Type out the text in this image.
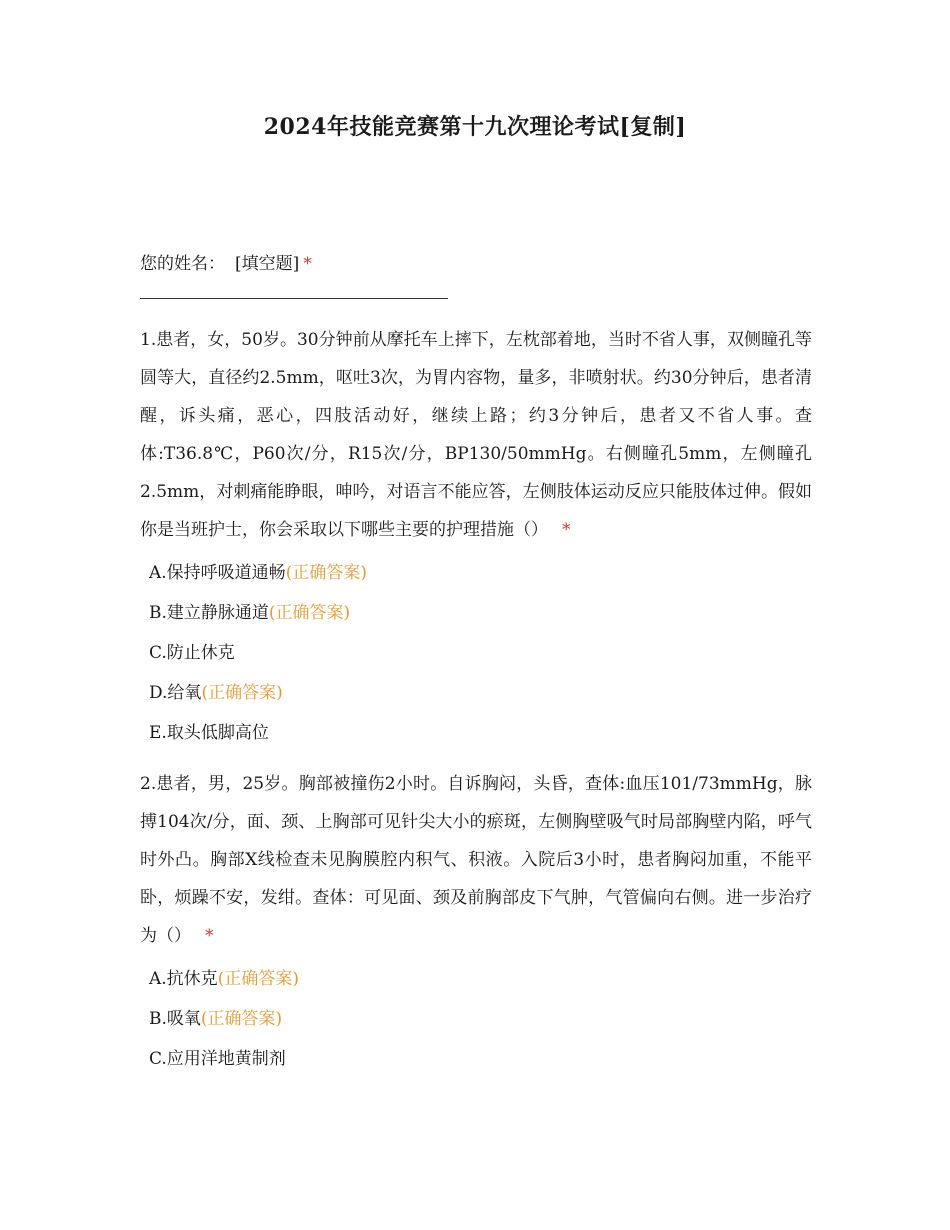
2024年技能竞赛第十九次理论考试[复制]
您的姓名： [填空题] *
1.患者，女，50岁。30分钟前从摩托车上摔下，左枕部着地，当时不省人事，双侧瞳孔等圆等大，直径约2.5mm，呕吐3次，为胃内容物，量多，非喷射状。约30分钟后，患者清醒，诉头痛，恶心，四肢活动好，继续上路；约3分钟后，患者又不省人事。查体:T36.8℃，P60次/分，R15次/分，BP130/50mmHg。右侧瞳孔5mm，左侧瞳孔2.5mm，对刺痛能睁眼，呻吟，对语言不能应答，左侧肢体运动反应只能肢体过伸。假如你是当班护士，你会采取以下哪些主要的护理措施（） *
A.保持呼吸道通畅(正确答案)
B.建立静脉通道(正确答案)
C.防止休克
D.给氧(正确答案)
E.取头低脚高位
2.患者，男，25岁。胸部被撞伤2小时。自诉胸闷，头昏，查体:血压101/73mmHg，脉搏104次/分，面、颈、上胸部可见针尖大小的瘀斑，左侧胸壁吸气时局部胸壁内陷，呼气时外凸。胸部X线检查未见胸膜腔内积气、积液。入院后3小时，患者胸闷加重，不能平卧，烦躁不安，发绀。查体：可见面、颈及前胸部皮下气肿，气管偏向右侧。进一步治疗为（） *
A.抗休克(正确答案)
B.吸氧(正确答案)
C.应用洋地黄制剂
